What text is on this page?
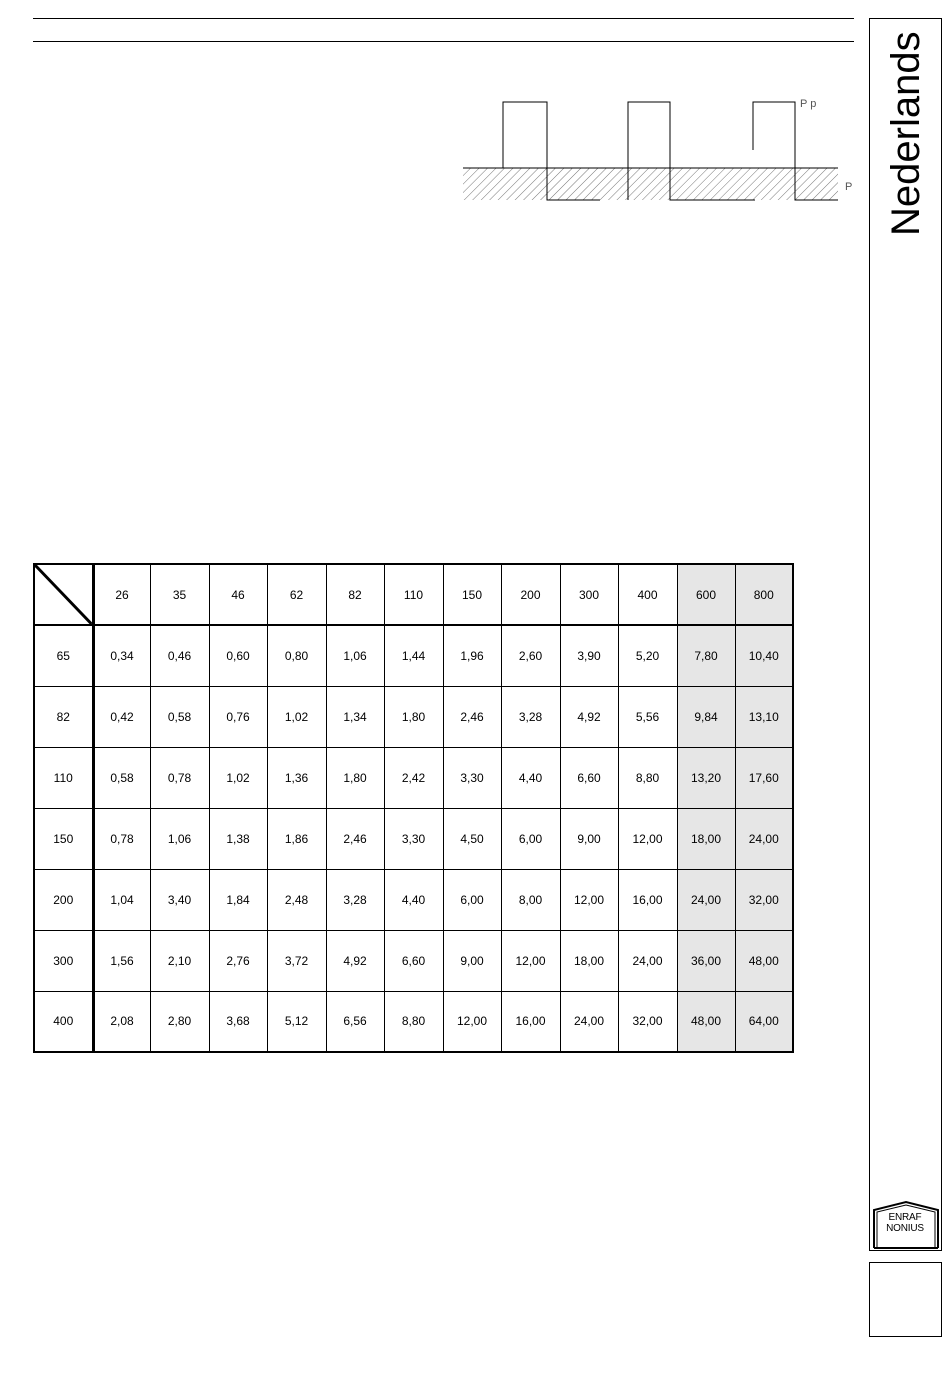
P p
P Nederlands
ENRAF
NONIUS
	26	35	46	62	82	110	150	200	300	400	600	800
65	0,34	0,46	0,60	0,80	1,06	1,44	1,96	2,60	3,90	5,20	7,80	10,40
82	0,42	0,58	0,76	1,02	1,34	1,80	2,46	3,28	4,92	5,56	9,84	13,10
110	0,58	0,78	1,02	1,36	1,80	2,42	3,30	4,40	6,60	8,80	13,20	17,60
150	0,78	1,06	1,38	1,86	2,46	3,30	4,50	6,00	9,00	12,00	18,00	24,00
200	1,04	3,40	1,84	2,48	3,28	4,40	6,00	8,00	12,00	16,00	24,00	32,00
300	1,56	2,10	2,76	3,72	4,92	6,60	9,00	12,00	18,00	24,00	36,00	48,00
400	2,08	2,80	3,68	5,12	6,56	8,80	12,00	16,00	24,00	32,00	48,00	64,00
